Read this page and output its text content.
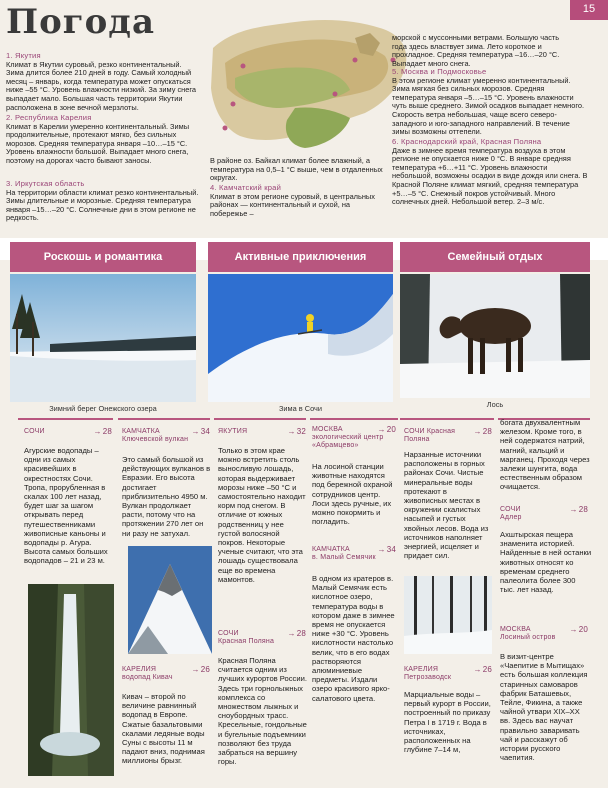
15
Погода
1. Якутия
Климат в Якутии суровый, резко континентальный. Зима длится более 210 дней в году. Самый холодный месяц – январь, когда температура может опускаться ниже –55 °С. Уровень влажности низкий. За зиму снега выпадает мало. Большая часть территории Якутии расположена в зоне вечной мерзлоты.
2. Республика Карелия
Климат в Карелии умеренно континентальный. Зимы продолжительные, протекают мягко, без сильных морозов. Средняя температура января –10…–15 °С. Уровень влажности большой. Выпадает много снега, поэтому на дорогах часто бывают заносы.
3. Иркутская область
На территории области климат резко континентальный. Зимы длительные и морозные. Средняя температура января –15…–20 °С. Солнечные дни в этом регионе не редкость.
В районе оз. Байкал климат более влажный, а температура на 0,5–1 °С выше, чем в отдаленных округах.
4. Камчатский край
Климат в этом регионе суровый, в центральных районах — континентальный и сухой, на побережье –
морской с муссонными ветрами. Большую часть года здесь властвует зима. Лето короткое и прохладное. Средняя температура –16…–20 °С. Выпадает много снега.
5. Москва и Подмосковье
В этом регионе климат умеренно континентальный. Зима мягкая без сильных морозов. Средняя температура января –5…–15 °С. Уровень влажности чуть выше среднего. Зимой осадков выпадает немного. Скорость ветра небольшая, чаще всего северо-западного и юго-западного направлений. В течение зимы возможны оттепели.
6. Краснодарский край, Красная Поляна
Даже в зимнее время температура воздуха в этом регионе не опускается ниже 0 °С. В январе средняя температура +6…+11 °С. Уровень влажности небольшой, возможны осадки в виде дождя или снега. В Красной Поляне климат мягкий, средняя температура +5…–5 °С. Снежный покров устойчивый. Много солнечных дней. Небольшой ветер. 2–3 м/с.
Роскошь и романтика	Активные приключения	Семейный отдых
Зимний берег Онежского озера	Зима в Сочи	Лось
→ 28
СОЧИ
Агурские водопады – одни из самых красивейших в окрестностях Сочи. Тропа, прорубленная в скалах 100 лет назад, будет шаг за шагом открывать перед путешественниками живописные каньоны и водопады р. Агура. Высота самых больших водопадов – 21 и 23 м.
→ 34
КАМЧАТКА
Ключевской вулкан
Это самый большой из действующих вулканов в Евразии. Его высота достигает приблизительно 4950 м. Вулкан продолжает расти, потому что на протяжении 270 лет он ни разу не затухал.
→ 26
КАРЕЛИЯ
водопад Кивач
Кивач – второй по величине равнинный водопад в Европе. Сжатые базальтовыми скалами ледяные воды Суны с высоты 11 м падают вниз, поднимая миллионы брызг.
→ 32
ЯКУТИЯ
Только в этом крае можно встретить столь выносливую лошадь, которая выдерживает морозы ниже –50 °С и самостоятельно находит корм под снегом. В отличие от южных родственниц у нее густой волосяной покров. Некоторые ученые считают, что эта лошадь существовала еще во времена мамонтов.
→ 28
СОЧИ
Красная Поляна
Красная Поляна считается одним из лучших курортов России. Здесь три горнолыжных комплекса со множеством лыжных и сноубордных трасс. Кресельные, гондольные и бугельные подъемники позволяют без труда забраться на вершину горы.
→ 20
МОСКВА
экологический центр «Абрамцево»
На лосиной станции животные находятся под бережной охраной сотрудников центр. Лоси здесь ручные, их можно покормить и погладить.
→ 34
КАМЧАТКА
в. Малый Семячик
В одном из кратеров в. Малый Семячик есть кислотное озеро, температура воды в котором даже в зимнее время не опускается ниже +30 °С. Уровень кислотности настолько велик, что в его водах растворяются алюминиевые предметы. Издали озеро красивого ярко-салатового цвета.
→ 28
СОЧИ Красная Поляна
Нарзанные источники расположены в горных районах Сочи. Чистые минеральные воды протекают в живописных местах в окружении скалистых насыпей и густых хвойных лесов. Вода из источников наполняет энергией, исцеляет и придает сил.
→ 26
КАРЕЛИЯ
Петрозаводск
Марциальные воды – первый курорт в России, построенный по приказу Петра I в 1719 г. Вода в источниках, расположенных на глубине 7–14 м,
богата двухвалентным железом. Кроме того, в ней содержатся натрий, магний, кальций и марганец. Проходя через залежи шунгита, вода естественным образом очищается.
→ 28
СОЧИ
Адлер
Ахштырская пещера знаменита историей. Найденные в ней останки животных относят ко временам среднего палеолита более 300 тыс. лет назад.
→ 20
МОСКВА
Лосиный остров
В визит-центре «Чаепитие в Мытищах» есть большая коллекция старинных самоваров фабрик Баташевых, Тейле, Фикина, а также чайной утвари XIX–XX вв. Здесь вас научат правильно заваривать чай и расскажут об истории русского чаепития.
